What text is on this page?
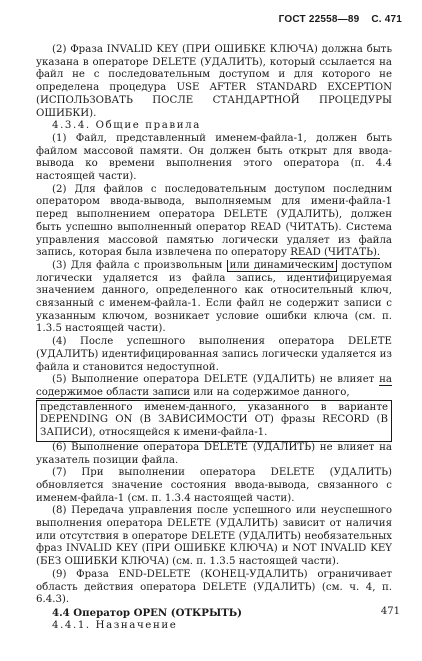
ГОСТ 22558—89 С. 471

(2) Фраза INVALID KEY (ПРИ ОШИБКЕ КЛЮЧА) должна быть указана в операторе DELETE (УДАЛИТЬ), который ссылается на файл не с последовательным доступом и для которого не определена процедура USE AFTER STANDARD EXCEPTION (ИСПОЛЬЗОВАТЬ ПОСЛЕ СТАНДАРТНОЙ ПРОЦЕДУРЫ ОШИБКИ).

4.3.4. Общие правила

(1) Файл, представленный именем-файла-1, должен быть файлом массовой памяти. Он должен быть открыт для ввода-вывода ко времени выполнения этого оператора (п. 4.4 настоящей части).

(2) Для файлов с последовательным доступом последним оператором ввода-вывода, выполняемым для имени-файла-1 перед выполнением оператора DELETE (УДАЛИТЬ), должен быть успешно выполненный оператор READ (ЧИТАТЬ). Система управления массовой памятью логически удаляет из файла запись, которая была извлечена по оператору READ (ЧИТАТЬ).

(3) Для файла с произвольным или динамическим доступом логически удаляется из файла запись, идентифицируемая значением данного, определенного как относительный ключ, связанный с именем-файла-1. Если файл не содержит записи с указанным ключом, возникает условие ошибки ключа (см. п. 1.3.5 настоящей части).

(4) После успешного выполнения оператора DELETE (УДАЛИТЬ) идентифицированная запись логически удаляется из файла и становится недоступной.

(5) Выполнение оператора DELETE (УДАЛИТЬ) не влияет на содержимое области записи или на содержимое данного,

представленного именем-данного, указанного в варианте DEPENDING ON (В ЗАВИСИМОСТИ ОТ) фразы RECORD (В ЗАПИСИ), относящейся к имени-файла-1.

(6) Выполнение оператора DELETE (УДАЛИТЬ) не влияет на указатель позиции файла.

(7) При выполнении оператора DELETE (УДАЛИТЬ) обновляется значение состояния ввода-вывода, связанного с именем-файла-1 (см. п. 1.3.4 настоящей части).

(8) Передача управления после успешного или неуспешного выполнения оператора DELETE (УДАЛИТЬ) зависит от наличия или отсутствия в операторе DELETE (УДАЛИТЬ) необязательных фраз INVALID KEY (ПРИ ОШИБКЕ КЛЮЧА) и NOT INVALID KEY (БЕЗ ОШИБКИ КЛЮЧА) (см. п. 1.3.5 настоящей части).

(9) Фраза END-DELETE (КОНЕЦ-УДАЛИТЬ) ограничивает область действия оператора DELETE (УДАЛИТЬ) (см. ч. 4, п. 6.4.3).

4.4 Оператор OPEN (ОТКРЫТЬ)

4.4.1. Назначение

471
